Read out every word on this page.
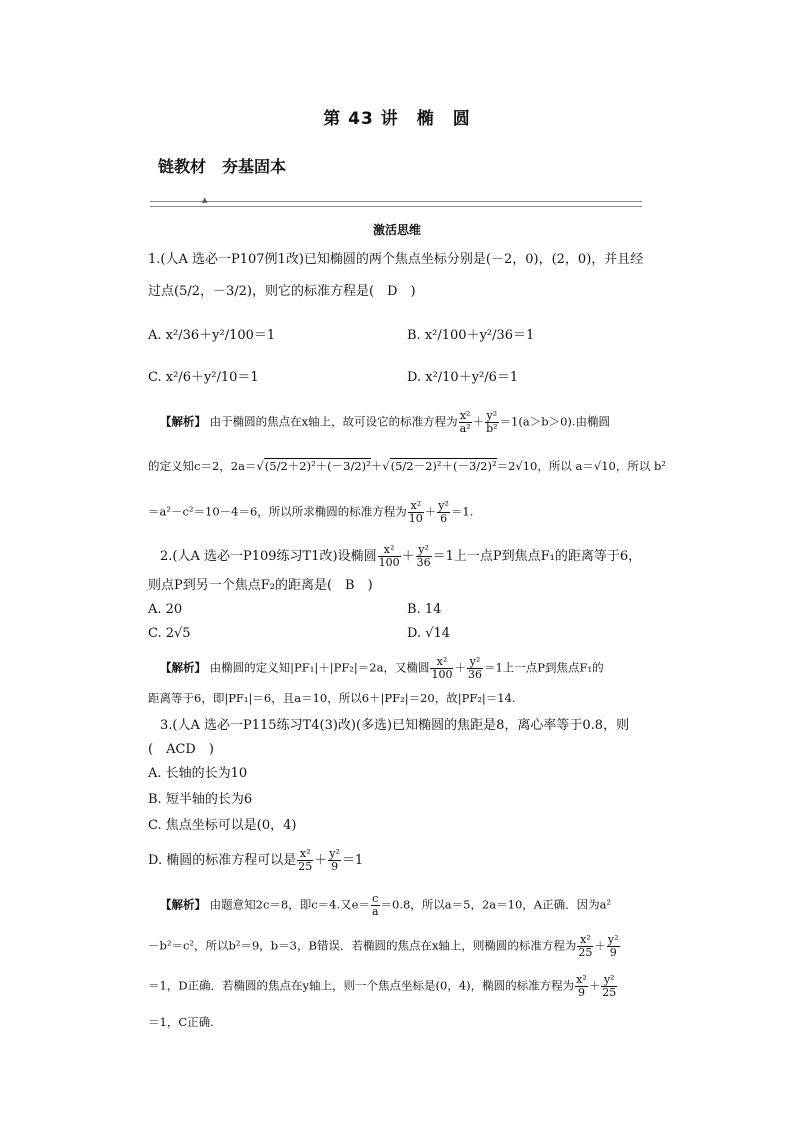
第 43 讲　椭　圆
链教材　夯基固本
▲
激活思维
1.(人A 选必一P107例1改)已知椭圆的两个焦点坐标分别是(－2，0)，(2，0)，并且经
过点(5/2，－3/2)，则它的标准方程是(　D　)
A. x²/36＋y²/100＝1	B. x²/100＋y²/36＝1
C. x²/6＋y²/10＝1	D. x²/10＋y²/6＝1
【解析】 由于椭圆的焦点在x轴上，故可设它的标准方程为 $\frac{\text{x²}}{\text{a²}} + \frac{\text{y²}}{\text{b²}} =1(a>b>0)$.由椭圆
的定义知c＝2，2a＝√(5/2＋2)²＋(－3/2)²＋√(5/2－2)²＋(－3/2)²＝2√10，所以 a＝√10，所以 b²
＝a²－c²＝10－4＝6，所以所求椭圆的标准方程为 $\frac{\text{x²}}{10} + \frac{\text{y²}}{6} =1$.
2.(人A 选必一P109练习T1改)设椭圆 $\frac{\text{x²}}{100} + \frac{\text{y²}}{36} =1$上一点P到焦点F₁的距离等于6，
则点P到另一个焦点F₂的距离是(　B　)
A. 20	B. 14
C. 2√5	D. √14
【解析】 由椭圆的定义知|PF₁|＋|PF₂|＝2a，又椭圆 $\frac{\text{x²}}{100} + \frac{\text{y²}}{36} =1$上一点P到焦点F₁的
距离等于6，即|PF₁|＝6，且a＝10，所以6＋|PF₂|＝20，故|PF₂|＝14.
3.(人A 选必一P115练习T4(3)改)(多选)已知椭圆的焦距是8，离心率等于0.8，则
(　ACD　)
A. 长轴的长为10
B. 短半轴的长为6
C. 焦点坐标可以是(0，4)
D. 椭圆的标准方程可以是 $\frac{\text{x²}}{25} + \frac{\text{y²}}{9} =1$
【解析】 由题意知2c＝8，即c＝4.又$e= \frac{c}{a} =0.8$，所以a＝5，2a＝10，A正确．因为a²
－b²＝c²，所以b²＝9，b＝3，B错误．若椭圆的焦点在x轴上，则椭圆的标准方程为 $\frac{\text{x²}}{25} + \frac{\text{y²}}{9}$
＝1，D正确．若椭圆的焦点在y轴上，则一个焦点坐标是(0，4)，椭圆的标准方程为 $\frac{\text{x²}}{9} + \frac{\text{y²}}{25}$
＝1，C正确.
